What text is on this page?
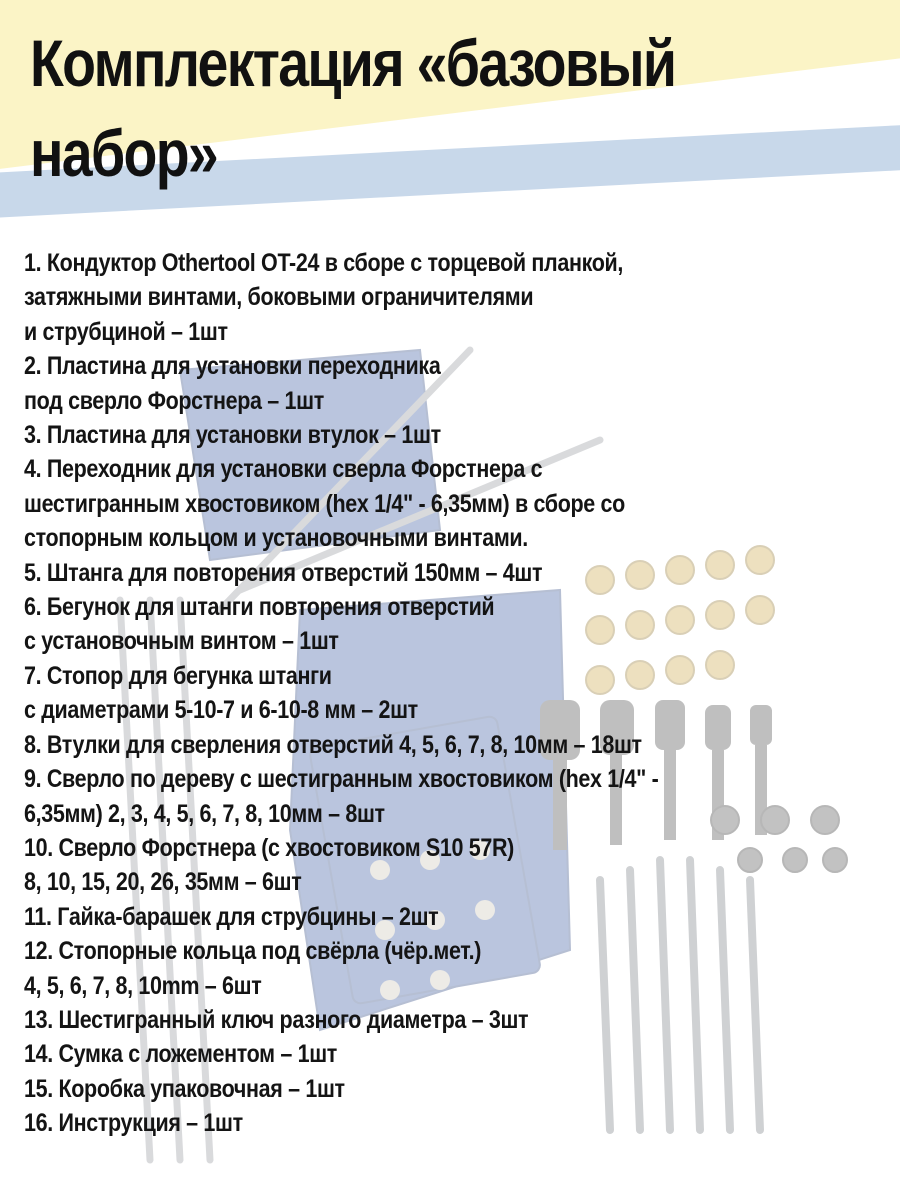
Комплектация «базовый
набор»
1. Кондуктор Othertool OT-24 в сборе с торцевой планкой,
затяжными винтами, боковыми ограничителями
и струбциной – 1шт
2. Пластина для установки переходника
под сверло Форстнера – 1шт
3. Пластина для установки втулок – 1шт
4. Переходник для установки сверла Форстнера с
шестигранным хвостовиком (hex 1/4" - 6,35мм) в сборе со
стопорным кольцом и установочными винтами.
5. Штанга для повторения отверстий 150мм – 4шт
6. Бегунок для штанги повторения отверстий
с установочным винтом – 1шт
7. Стопор для бегунка штанги
с диаметрами 5-10-7 и 6-10-8 мм – 2шт
8. Втулки для сверления отверстий 4, 5, 6, 7, 8, 10мм – 18шт
9. Сверло по дереву с шестигранным хвостовиком (hex 1/4" -
6,35мм) 2, 3, 4, 5, 6, 7, 8, 10мм – 8шт
10. Сверло Форстнера (с хвостовиком S10 57R)
8, 10, 15, 20, 26, 35мм – 6шт
11. Гайка-барашек для струбцины – 2шт
12. Стопорные кольца под свёрла (чёр.мет.)
4, 5, 6, 7, 8, 10mm – 6шт
13. Шестигранный ключ разного диаметра – 3шт
14. Сумка с ложементом – 1шт
15. Коробка упаковочная – 1шт
16. Инструкция – 1шт
